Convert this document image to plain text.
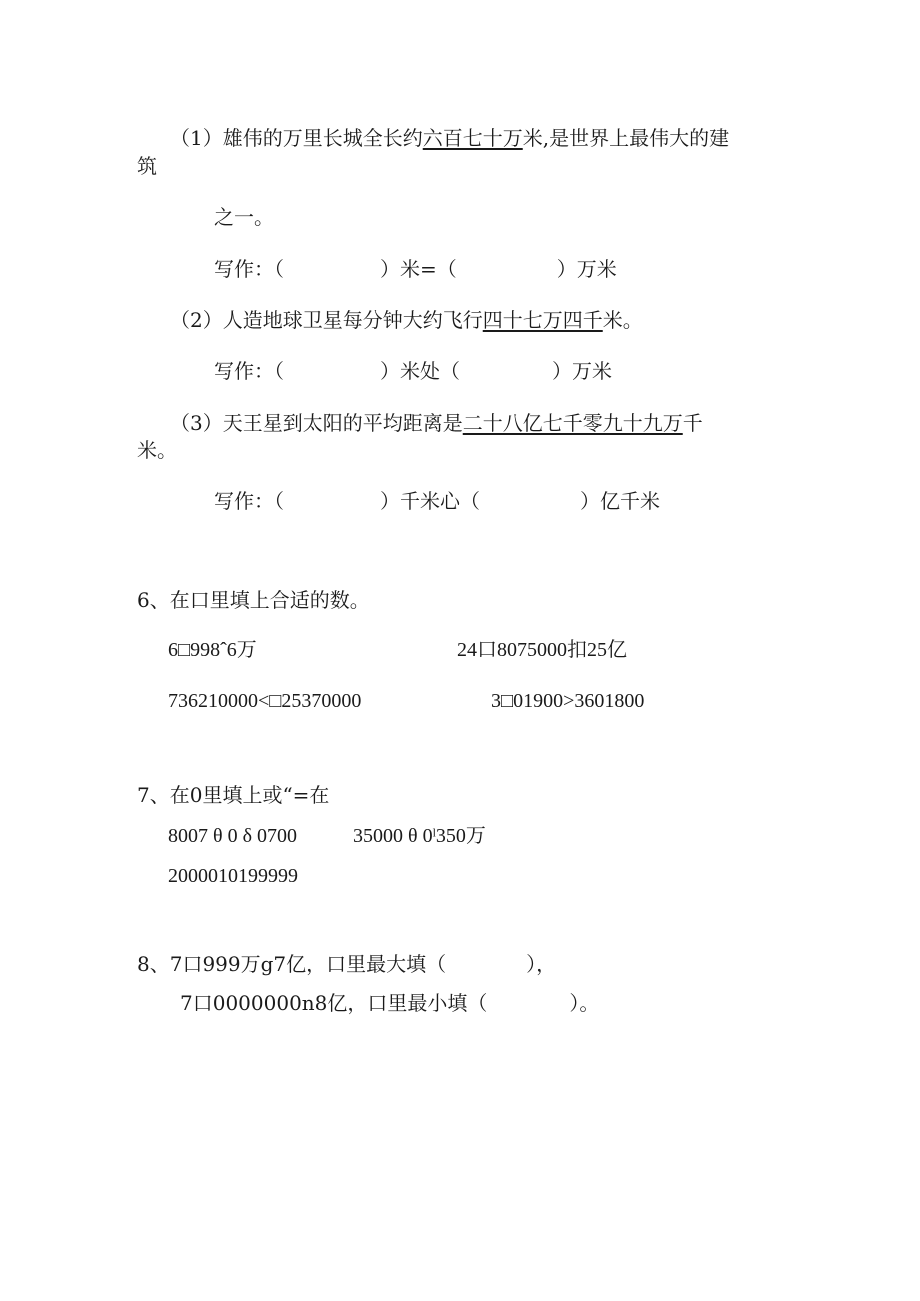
（1）雄伟的万里长城全长约六百七十万米,是世界上最伟大的建
筑
之一。
写作：（	）米=（	）万米
（2）人造地球卫星每分钟大约飞行四十七万四千米。
写作：（	）米处（	）万米
（3）天王星到太阳的平均距离是二十八亿七千零九十九万千
米。
写作：（	）千米心（	）亿千米
6、在口里填上合适的数。
6□998ˆ6万	24口8075000扣25亿
736210000<□25370000	3□01900>3601800
7、在0里填上或“=在
8007 θ 0 δ 0700	35000 θ 0ˡ350万
2000010199999
8、7口999万g7亿，口里最大填（	），
7口0000000n8亿，口里最小填（	）。
